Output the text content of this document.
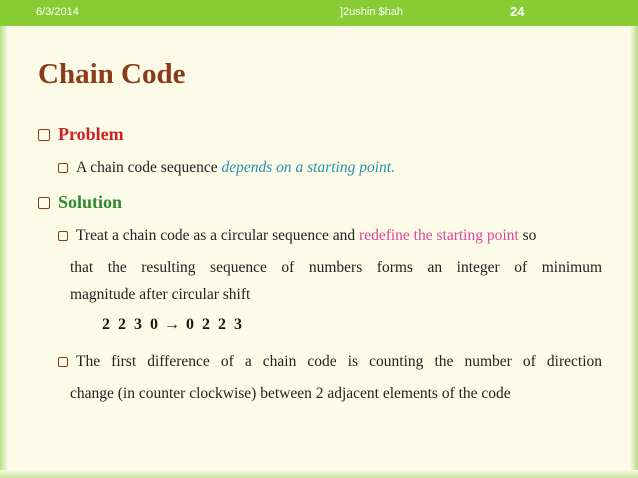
6/3/2014	]2ushin $hah	24
Chain Code
Problem
A chain code sequence depends on a starting point.
Solution
Treat a chain code as a circular sequence and redefine the starting point so
that the resulting sequence of numbers forms an integer of minimum
magnitude after circular shift
2 2 3 0 → 0 2 2 3
The first difference of a chain code is counting the number of direction
change (in counter clockwise) between 2 adjacent elements of the code
